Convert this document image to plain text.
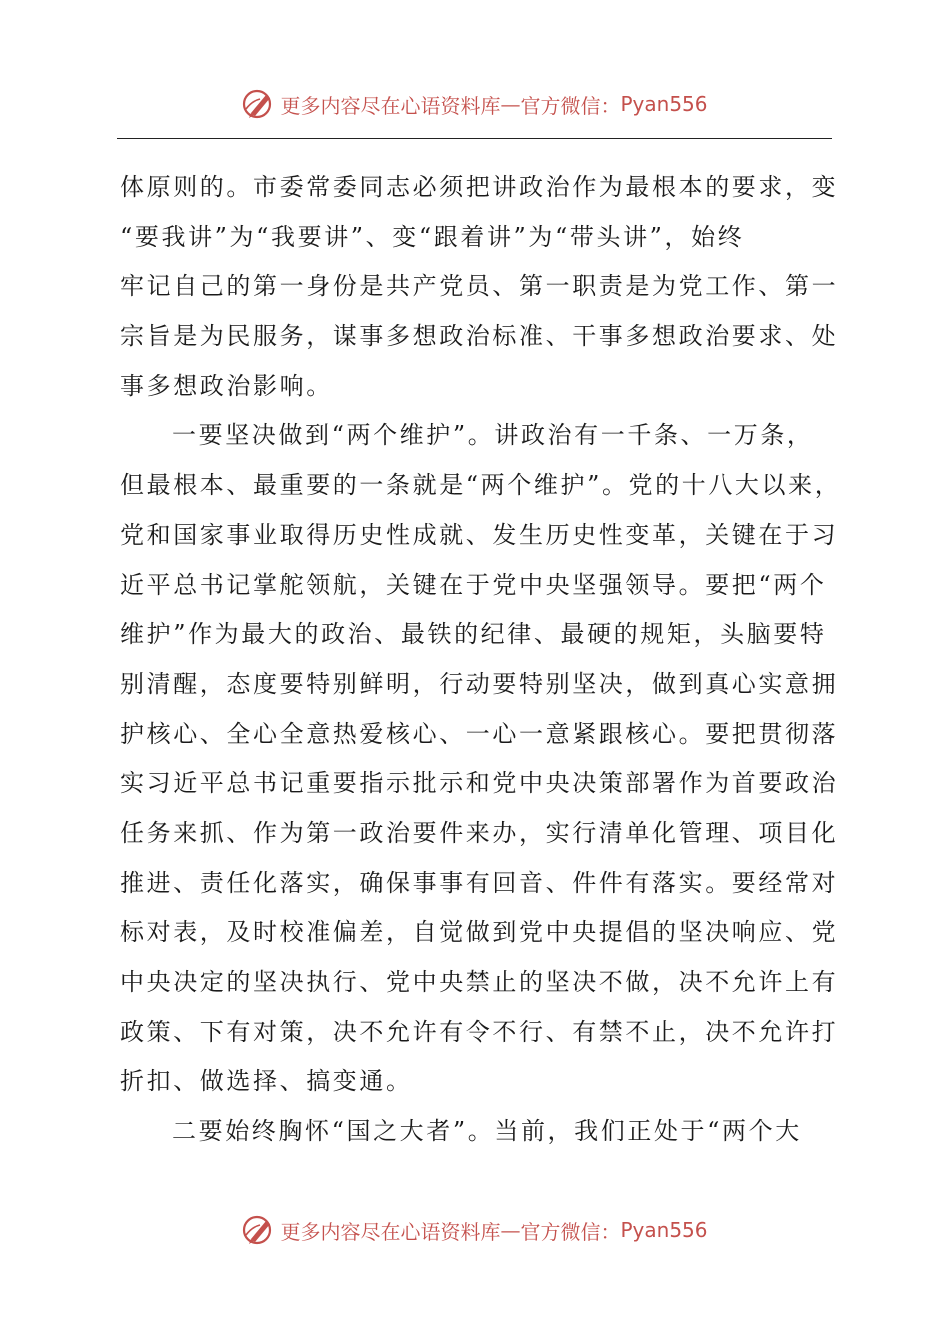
更多内容尽在心语资料库 — 官方微信： Pyan556
体原则的。市委常委同志必须把讲政治作为最根本的要求，变
“要我讲”为“我要讲”、变“跟着讲”为“带头讲”，始终
牢记自己的第一身份是共产党员、第一职责是为党工作、第一
宗旨是为民服务，谋事多想政治标准、干事多想政治要求、处
事多想政治影响。
一要坚决做到“两个维护”。讲政治有一千条、一万条，
但最根本、最重要的一条就是“两个维护”。党的十八大以来，
党和国家事业取得历史性成就、发生历史性变革，关键在于习
近平总书记掌舵领航，关键在于党中央坚强领导。要把“两个
维护”作为最大的政治、最铁的纪律、最硬的规矩，头脑要特
别清醒，态度要特别鲜明，行动要特别坚决，做到真心实意拥
护核心、全心全意热爱核心、一心一意紧跟核心。要把贯彻落
实习近平总书记重要指示批示和党中央决策部署作为首要政治
任务来抓、作为第一政治要件来办，实行清单化管理、项目化
推进、责任化落实，确保事事有回音、件件有落实。要经常对
标对表，及时校准偏差，自觉做到党中央提倡的坚决响应、党
中央决定的坚决执行、党中央禁止的坚决不做，决不允许上有
政策、下有对策，决不允许有令不行、有禁不止，决不允许打
折扣、做选择、搞变通。
二要始终胸怀“国之大者”。当前，我们正处于“两个大
更多内容尽在心语资料库 — 官方微信： Pyan556
